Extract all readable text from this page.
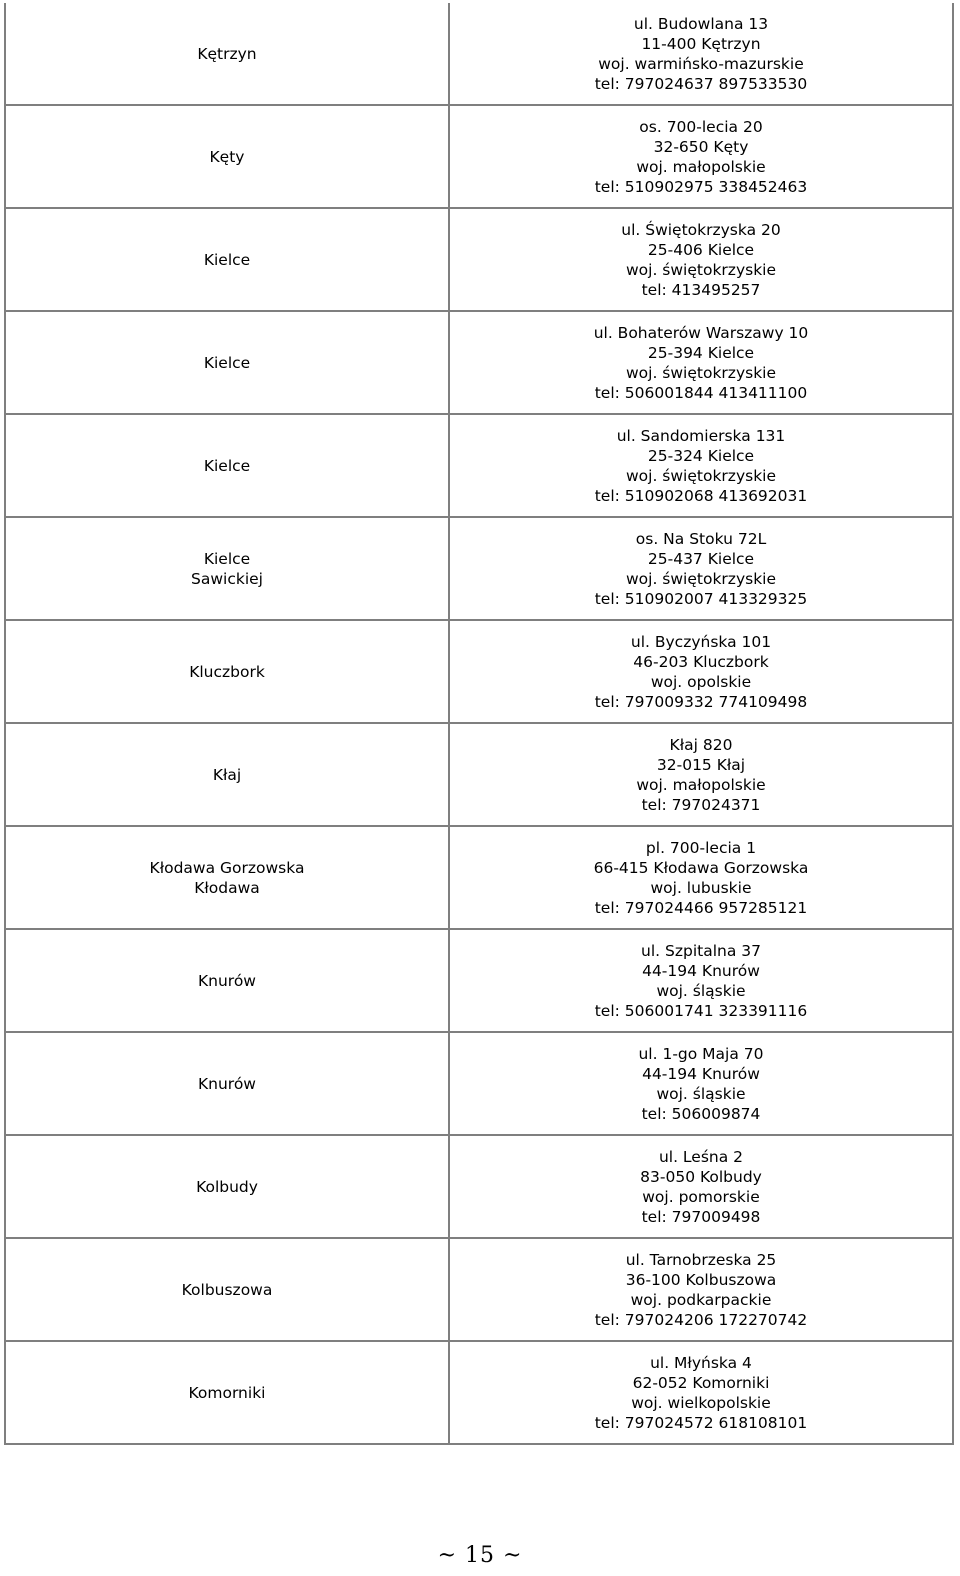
Kętrzyn	ul. Budowlana 13
11-400 Kętrzyn
woj. warmińsko-mazurskie
tel: 797024637 897533530

Kęty	os. 700-lecia 20
32-650 Kęty
woj. małopolskie
tel: 510902975 338452463

Kielce	ul. Świętokrzyska 20
25-406 Kielce
woj. świętokrzyskie
tel: 413495257

Kielce	ul. Bohaterów Warszawy 10
25-394 Kielce
woj. świętokrzyskie
tel: 506001844 413411100

Kielce	ul. Sandomierska 131
25-324 Kielce
woj. świętokrzyskie
tel: 510902068 413692031

Kielce
Sawickiej	os. Na Stoku 72L
25-437 Kielce
woj. świętokrzyskie
tel: 510902007 413329325

Kluczbork	ul. Byczyńska 101
46-203 Kluczbork
woj. opolskie
tel: 797009332 774109498

Kłaj	Kłaj 820
32-015 Kłaj
woj. małopolskie
tel: 797024371

Kłodawa Gorzowska
Kłodawa	pl. 700-lecia 1
66-415 Kłodawa Gorzowska
woj. lubuskie
tel: 797024466 957285121

Knurów	ul. Szpitalna 37
44-194 Knurów
woj. śląskie
tel: 506001741 323391116

Knurów	ul. 1-go Maja 70
44-194 Knurów
woj. śląskie
tel: 506009874

Kolbudy	ul. Leśna 2
83-050 Kolbudy
woj. pomorskie
tel: 797009498

Kolbuszowa	ul. Tarnobrzeska 25
36-100 Kolbuszowa
woj. podkarpackie
tel: 797024206 172270742

Komorniki	ul. Młyńska 4
62-052 Komorniki
woj. wielkopolskie
tel: 797024572 618108101
~ 15 ~
